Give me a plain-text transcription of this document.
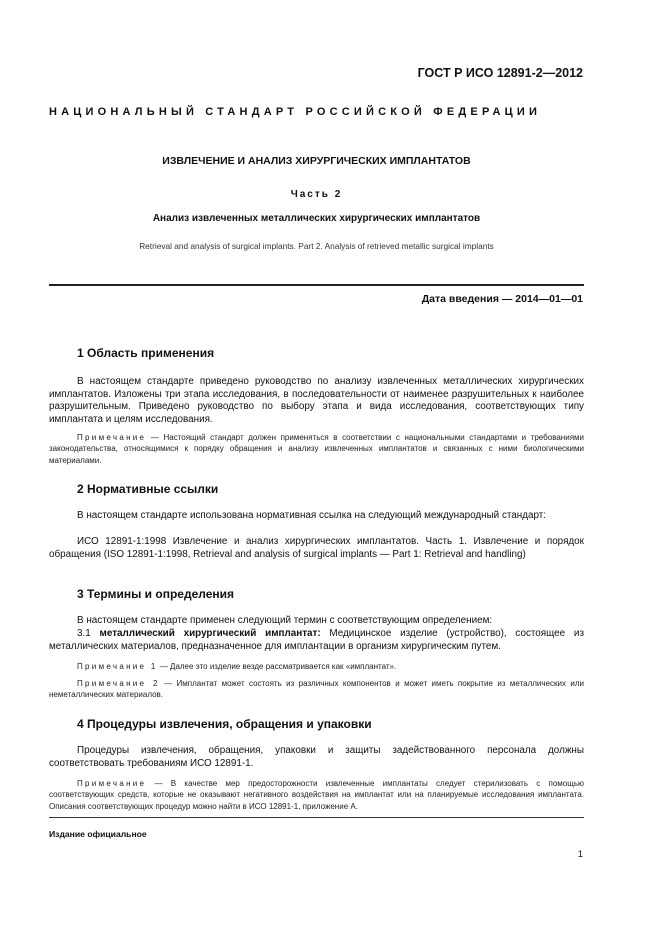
ГОСТ Р ИСО 12891-2—2012
НАЦИОНАЛЬНЫЙ СТАНДАРТ РОССИЙСКОЙ ФЕДЕРАЦИИ
ИЗВЛЕЧЕНИЕ И АНАЛИЗ ХИРУРГИЧЕСКИХ ИМПЛАНТАТОВ
Часть 2
Анализ извлеченных металлических хирургических имплантатов
Retrieval and analysis of surgical implants. Part 2. Analysis of retrieved metallic surgical implants
Дата введения — 2014—01—01
1 Область применения
В настоящем стандарте приведено руководство по анализу извлеченных металлических хирургических имплантатов. Изложены три этапа исследования, в последовательности от наименее разрушительных к наиболее разрушительным. Приведено руководство по выбору этапа и вида исследования, соответствующих типу имплантата и целям исследования.
Примечание — Настоящий стандарт должен применяться в соответствии с национальными стандартами и требованиями законодательства, относящимися к порядку обращения и анализу извлеченных имплантатов и связанных с ними биологическими материалами.
2 Нормативные ссылки
В настоящем стандарте использована нормативная ссылка на следующий международный стандарт:
ИСО 12891-1:1998 Извлечение и анализ хирургических имплантатов. Часть 1. Извлечение и порядок обращения (ISO 12891-1:1998, Retrieval and analysis of surgical implants — Part 1: Retrieval and handling)
3 Термины и определения
В настоящем стандарте применен следующий термин с соответствующим определением:
3.1 металлический хирургический имплантат: Медицинское изделие (устройство), состоящее из металлических материалов, предназначенное для имплантации в организм хирургическим путем.
Примечание 1 — Далее это изделие везде рассматривается как «имплантат».
Примечание 2 — Имплантат может состоять из различных компонентов и может иметь покрытие из металлических или неметаллических материалов.
4 Процедуры извлечения, обращения и упаковки
Процедуры извлечения, обращения, упаковки и защиты задействованного персонала должны соответствовать требованиям ИСО 12891-1.
Примечание — В качестве мер предосторожности извлеченные имплантаты следует стерилизовать с помощью соответствующих средств, которые не оказывают негативного воздействия на имплантат или на планируемые исследования имплантата. Описания соответствующих процедур можно найти в ИСО 12891-1, приложение А.
Издание официальное
1
